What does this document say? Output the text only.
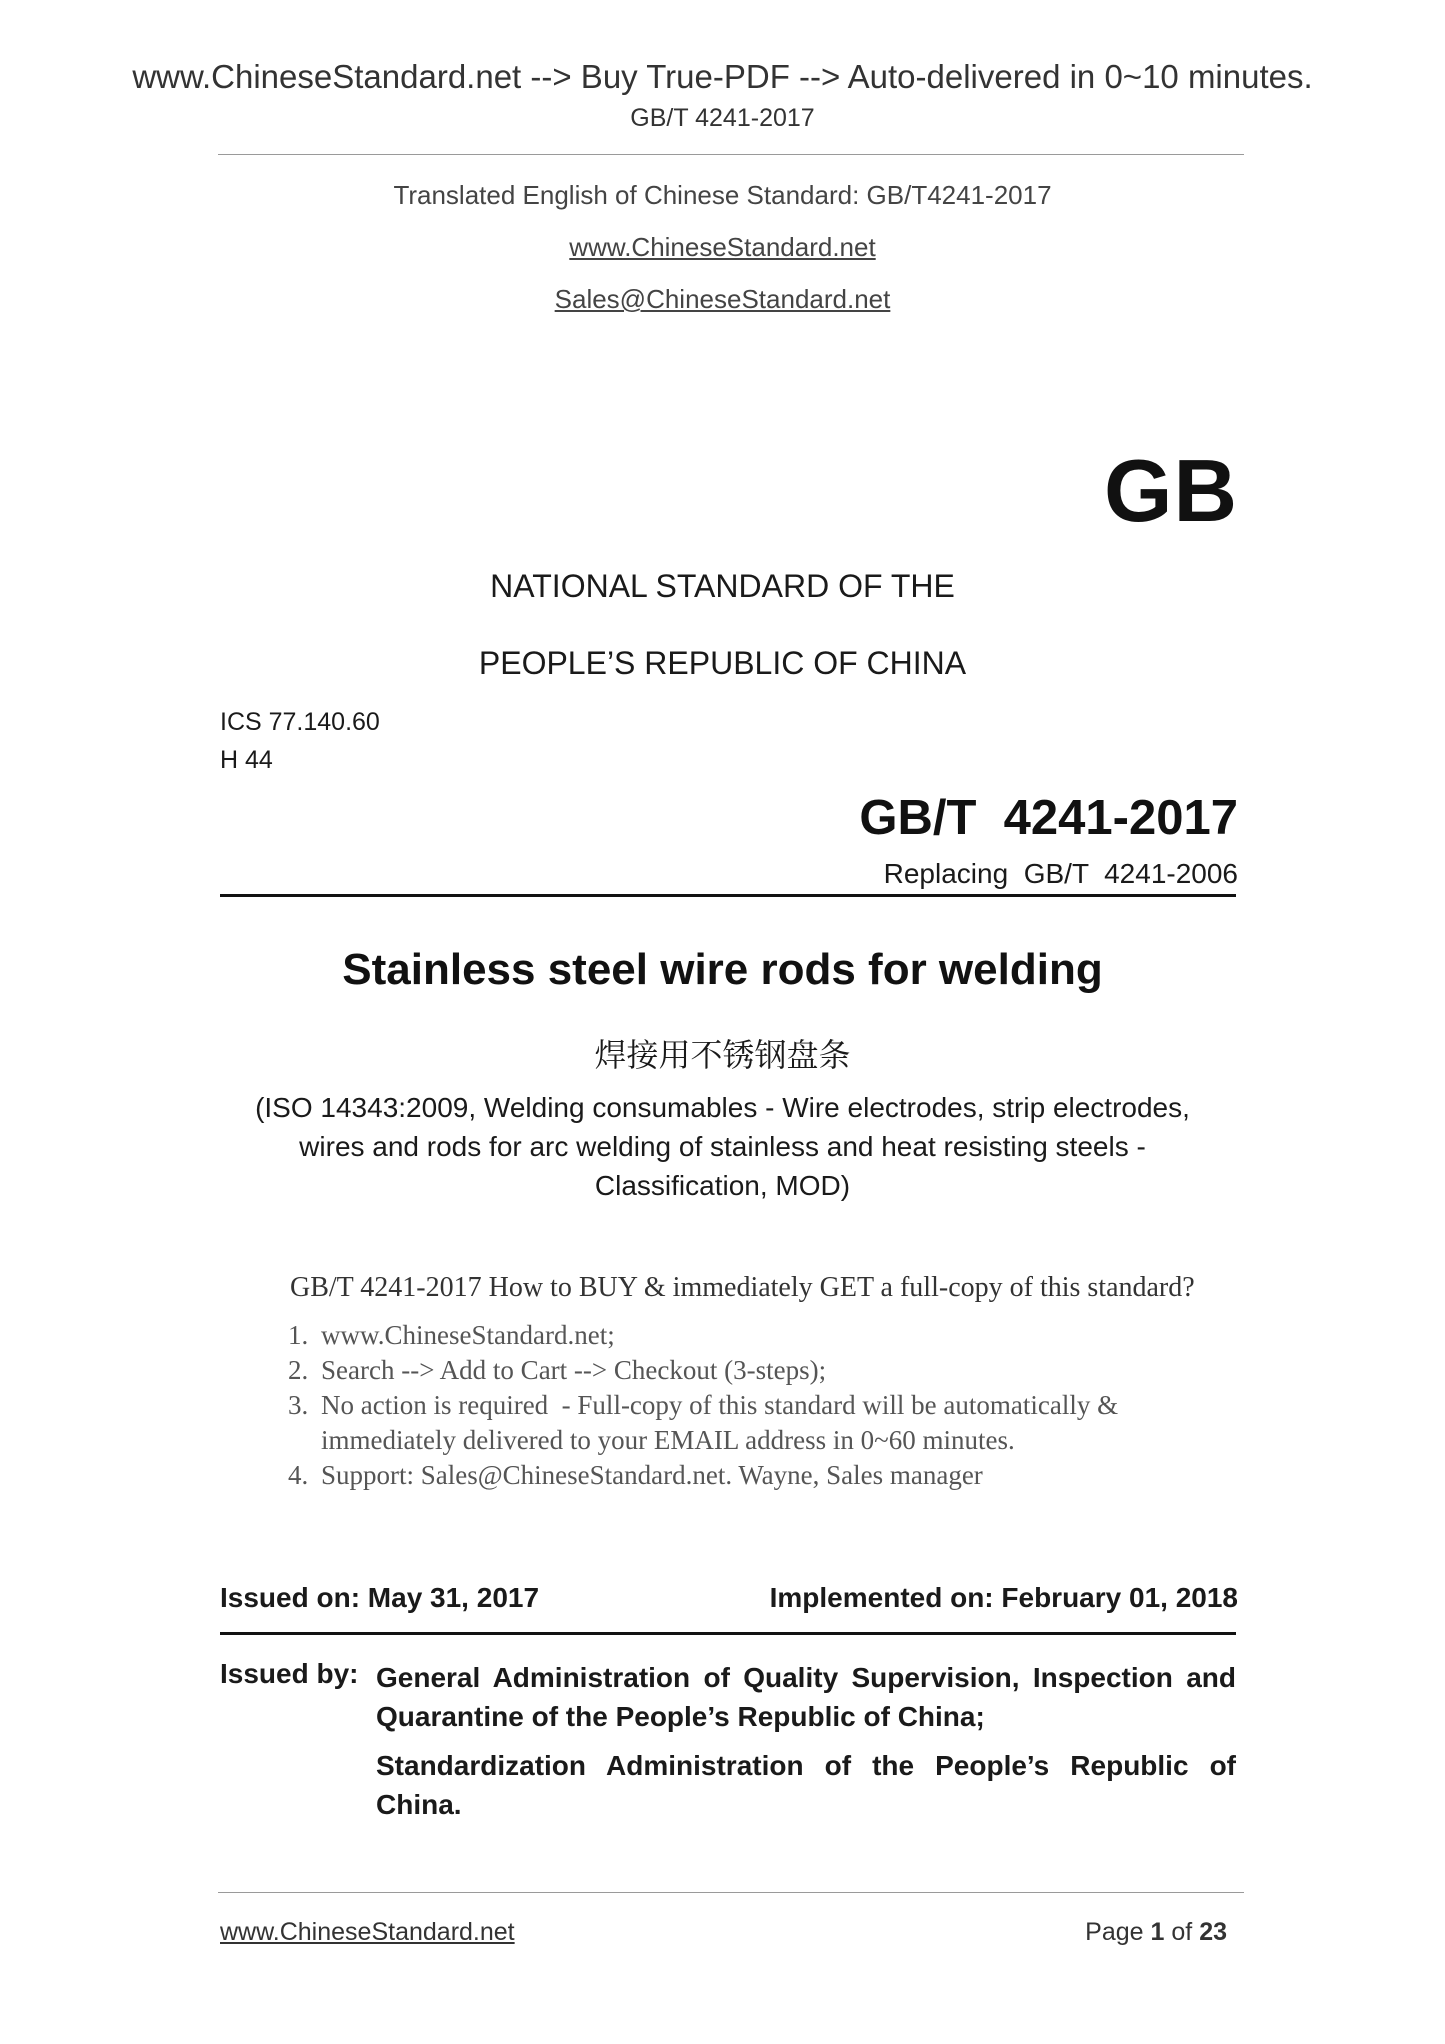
www.ChineseStandard.net --> Buy True-PDF --> Auto-delivered in 0~10 minutes.
GB/T 4241-2017
Translated English of Chinese Standard: GB/T4241-2017
www.ChineseStandard.net
Sales@ChineseStandard.net
GB
NATIONAL STANDARD OF THE
PEOPLE’S REPUBLIC OF CHINA
ICS 77.140.60
H 44
GB/T  4241-2017
Replacing  GB/T  4241-2006
Stainless steel wire rods for welding
焊接用不锈钢盘条
(ISO 14343:2009, Welding consumables - Wire electrodes, strip electrodes, wires and rods for arc welding of stainless and heat resisting steels - Classification, MOD)
GB/T 4241-2017 How to BUY & immediately GET a full-copy of this standard?
1. www.ChineseStandard.net;
2. Search --> Add to Cart --> Checkout (3-steps);
3. No action is required  - Full-copy of this standard will be automatically & immediately delivered to your EMAIL address in 0~60 minutes.
4. Support: Sales@ChineseStandard.net. Wayne, Sales manager
Issued on: May 31, 2017	Implemented on: February 01, 2018
Issued by: General Administration of Quality Supervision, Inspection and Quarantine of the People’s Republic of China;
Standardization Administration of the People’s Republic of China.
www.ChineseStandard.net	Page 1 of 23
